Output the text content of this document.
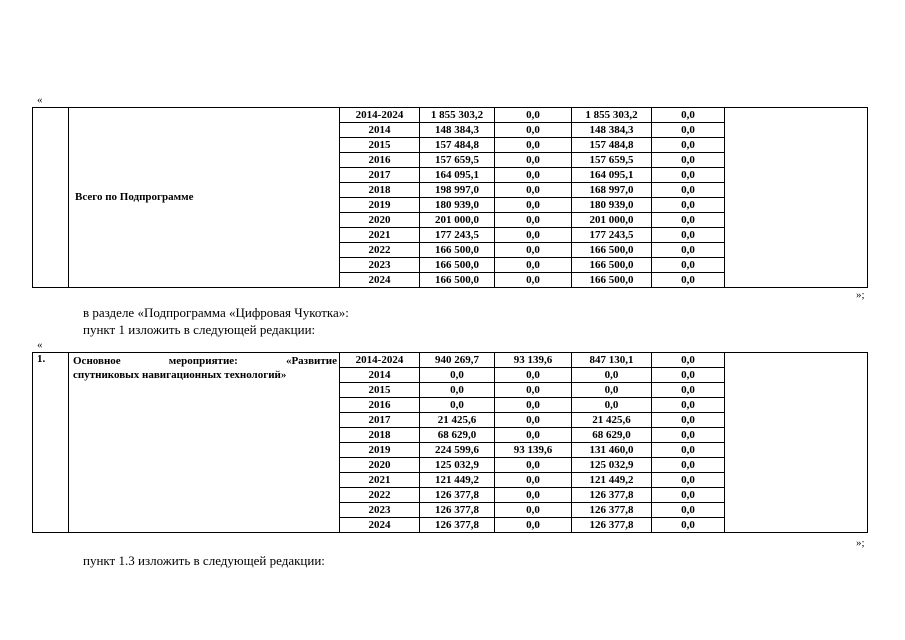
«
	Всего по Подпрограмме	2014-2024	1 855 303,2	0,0	1 855 303,2	0,0	
		2014	148 384,3	0,0	148 384,3	0,0	
		2015	157 484,8	0,0	157 484,8	0,0	
		2016	157 659,5	0,0	157 659,5	0,0	
		2017	164 095,1	0,0	164 095,1	0,0	
		2018	198 997,0	0,0	168 997,0	0,0	
		2019	180 939,0	0,0	180 939,0	0,0	
		2020	201 000,0	0,0	201 000,0	0,0	
		2021	177 243,5	0,0	177 243,5	0,0	
		2022	166 500,0	0,0	166 500,0	0,0	
		2023	166 500,0	0,0	166 500,0	0,0	
		2024	166 500,0	0,0	166 500,0	0,0	
»;
в разделе «Подпрограмма «Цифровая Чукотка»:
пункт 1 изложить в следующей редакции:
«
1.	Основное мероприятие: «Развитие
спутниковых навигационных технологий»	2014-2024	940 269,7	93 139,6	847 130,1	0,0	
		2014	0,0	0,0	0,0	0,0	
		2015	0,0	0,0	0,0	0,0	
		2016	0,0	0,0	0,0	0,0	
		2017	21 425,6	0,0	21 425,6	0,0	
		2018	68 629,0	0,0	68 629,0	0,0	
		2019	224 599,6	93 139,6	131 460,0	0,0	
		2020	125 032,9	0,0	125 032,9	0,0	
		2021	121 449,2	0,0	121 449,2	0,0	
		2022	126 377,8	0,0	126 377,8	0,0	
		2023	126 377,8	0,0	126 377,8	0,0	
		2024	126 377,8	0,0	126 377,8	0,0	
»;
пункт 1.3 изложить в следующей редакции:
